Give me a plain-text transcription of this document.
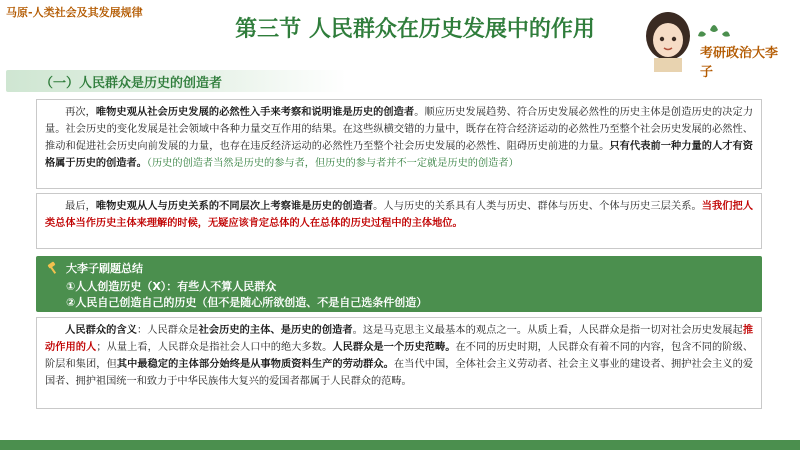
马原-人类社会及其发展规律
第三节 人民群众在历史发展中的作用
考研政治大李子
（一）人民群众是历史的创造者
再次，唯物史观从社会历史发展的必然性入手来考察和说明谁是历史的创造者。顺应历史发展趋势、符合历史发展必然性的历史主体是创造历史的决定力量。社会历史的变化发展是社会领域中各种力量交互作用的结果。在这些纵横交错的力量中，既存在符合经济运动的必然性乃至整个社会历史发展的必然性、推动和促进社会历史向前发展的力量，也存在违反经济运动的必然性乃至整个社会历史发展的必然性、阻碍历史前进的力量。只有代表前一种力量的人才有资格属于历史的创造者。（历史的创造者当然是历史的参与者，但历史的参与者并不一定就是历史的创造者）
最后，唯物史观从人与历史关系的不同层次上考察谁是历史的创造者。人与历史的关系具有人类与历史、群体与历史、个体与历史三层关系。当我们把人类总体当作历史主体来理解的时候，无疑应该肯定总体的人在总体的历史过程中的主体地位。
大李子刷题总结
①人人创造历史（X）：有些人不算人民群众
②人民自己创造自己的历史（但不是随心所欲创造、不是自己选条件创造）
人民群众的含义：人民群众是社会历史的主体、是历史的创造者。这是马克思主义最基本的观点之一。从质上看，人民群众是指一切对社会历史发展起推动作用的人；从量上看，人民群众是指社会人口中的绝大多数。人民群众是一个历史范畴。在不同的历史时期，人民群众有着不同的内容，包含不同的阶级、阶层和集团，但其中最稳定的主体部分始终是从事物质资料生产的劳动群众。在当代中国，全体社会主义劳动者、社会主义事业的建设者、拥护社会主义的爱国者、拥护祖国统一和致力于中华民族伟大复兴的爱国者都属于人民群众的范畴。
